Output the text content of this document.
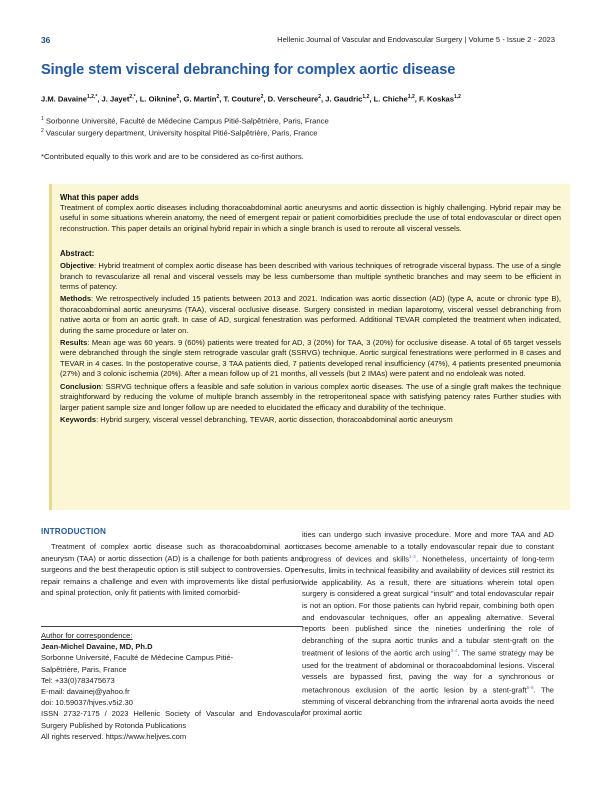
36	Hellenic Journal of Vascular and Endovascular Surgery | Volume 5 - Issue 2 - 2023
Single stem visceral debranching for complex aortic disease
J.M. Davaine$^{1,2,*}$, J. Jayet$^{2,*}$, L. Oiknine$^2$, G. Martin$^2$, T. Couture$^2$, D. Verscheure$^2$, J. Gaudric$^{1,2}$, L. Chiche$^{1,2}$, F. Koskas$^{1,2}$
$^1$ Sorbonne Université, Faculté de Médecine Campus Pitié-Salpêtrière, Paris, France
$^2$ Vascular surgery department, University hospital Pitié-Salpêtrière, Paris, France
*Contributed equally to this work and are to be considered as co-first authors.
What this paper adds

Treatment of complex aortic diseases including thoracoabdominal aortic aneurysms and aortic dissection is highly challenging. Hybrid repair may be useful in some situations wherein anatomy, the need of emergent repair or patient comorbidities preclude the use of total endovascular or direct open reconstruction. This paper details an original hybrid repair in which a single branch is used to reroute all visceral vessels.

Abstract:

Objective: Hybrid treatment of complex aortic disease has been described with various techniques of retrograde visceral bypass. The use of a single branch to revascularize all renal and visceral vessels may be less cumbersome than multiple synthetic branches and may seem to be efficient in terms of patency.

Methods: We retrospectively included 15 patients between 2013 and 2021. Indication was aortic dissection (AD) (type A, acute or chronic type B), thoracoabdominal aortic aneurysms (TAA), visceral occlusive disease. Surgery consisted in median laparotomy, visceral vessel debranching from native aorta or from an aortic graft. In case of AD, surgical fenestration was performed. Additional TEVAR completed the treatment when indicated, during the same procedure or later on.

Results: Mean age was 60 years. 9 (60%) patients were treated for AD, 3 (20%) for TAA, 3 (20%) for occlusive disease. A total of 65 target vessels were debranched through the single stem retrograde vascular graft (SSRVG) technique. Aortic surgical fenestrations were performed in 8 cases and TEVAR in 4 cases. In the postoperative course, 3 TAA patients died, 7 patients developed renal insufficiency (47%), 4 patients presented pneumonia (27%) and 3 colonic ischemia (20%). After a mean follow up of 21 months, all vessels (but 2 IMAs) were patent and no endoleak was noted.

Conclusion: SSRVG technique offers a feasible and safe solution in various complex aortic diseases. The use of a single graft makes the technique straightforward by reducing the volume of multiple branch assembly in the retroperitoneal space with satisfying patency rates Further studies with larger patient sample size and longer follow up are needed to elucidated the efficacy and durability of the technique.

Keywords: Hybrid surgery, visceral vessel debranching, TEVAR, aortic dissection, thoracoabdominal aortic aneurysm

INTRODUCTION

Treatment of complex aortic disease such as thoracoabdominal aortic aneurysm (TAA) or aortic dissection (AD) is a challenge for both patients and surgeons and the best therapeutic option is still subject to controversies. Open repair remains a challenge and even with improvements like distal perfusion and spinal protection, only fit patients with limited comorbid-

Author for correspondence:
Jean-Michel Davaine, MD, Ph.D
Sorbonne Université, Faculté de Médecine Campus Pitié-
Salpêtrière, Paris, France
Tel: +33(0)783475673
E-mail: davainej@yahoo.fr
doi: 10.59037/hjves.v5i2.30
ISSN 2732-7175 / 2023 Hellenic Society of Vascular and Endovascular Surgery Published by Rotonda Publications
All rights reserved. https://www.heljves.com

ities can undergo such invasive procedure. More and more TAA and AD cases become amenable to a totally endovascular repair due to constant progress of devices and skills$^{1-2}$. Nonetheless, uncertainty of long-term results, limits in technical feasibility and availability of devices still restrict its wide applicability. As a result, there are situations wherein total open surgery is considered a great surgical “insult” and total endovascular repair is not an option. For those patients can hybrid repair, combining both open and endovascular techniques, offer an appealing alternative. Several reports been published since the nineties underlining the role of debranching of the supra aortic trunks and a tubular stent-graft on the treatment of lesions of the aortic arch using$^{3-4}$. The same strategy may be used for the treatment of abdominal or thoracoabdominal lesions. Visceral vessels are bypassed first, paving the way for a synchronous or metachronous exclusion of the aortic lesion by a stent-graft$^{5-6}$. The stemming of visceral debranching from the infrarenal aorta avoids the need for proximal aortic
